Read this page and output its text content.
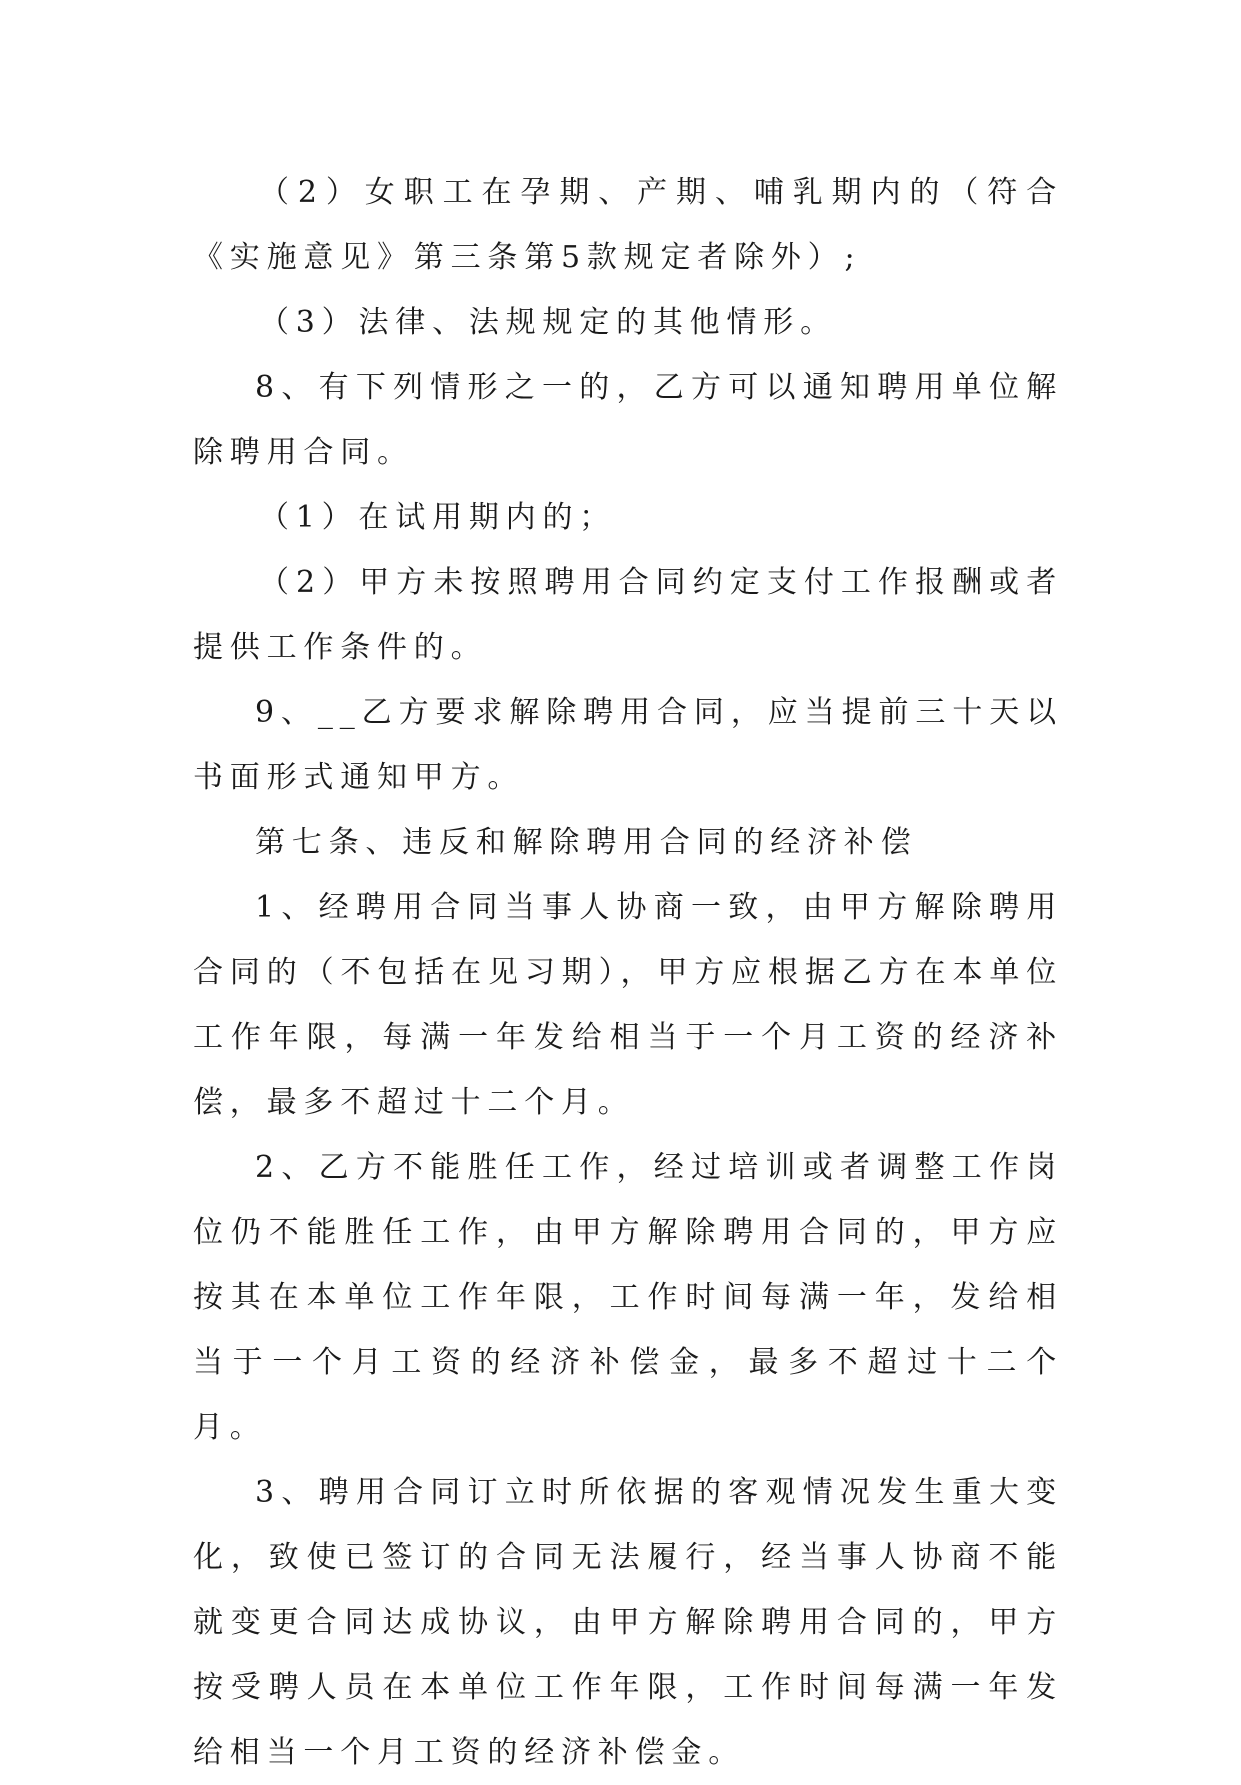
（2）女职工在孕期、产期、哺乳期内的（符合《实施意见》第三条第5款规定者除外）;

（3）法律、法规规定的其他情形。

8、有下列情形之一的，乙方可以通知聘用单位解除聘用合同。

（1）在试用期内的；

（2）甲方未按照聘用合同约定支付工作报酬或者提供工作条件的。

9、__乙方要求解除聘用合同，应当提前三十天以书面形式通知甲方。

第七条、违反和解除聘用合同的经济补偿

1、经聘用合同当事人协商一致，由甲方解除聘用合同的（不包括在见习期），甲方应根据乙方在本单位工作年限，每满一年发给相当于一个月工资的经济补偿，最多不超过十二个月。

2、乙方不能胜任工作，经过培训或者调整工作岗位仍不能胜任工作，由甲方解除聘用合同的，甲方应按其在本单位工作年限，工作时间每满一年，发给相当于一个月工资的经济补偿金，最多不超过十二个月。

3、聘用合同订立时所依据的客观情况发生重大变化，致使已签订的合同无法履行，经当事人协商不能就变更合同达成协议，由甲方解除聘用合同的，甲方按受聘人员在本单位工作年限，工作时间每满一年发给相当一个月工资的经济补偿金。
